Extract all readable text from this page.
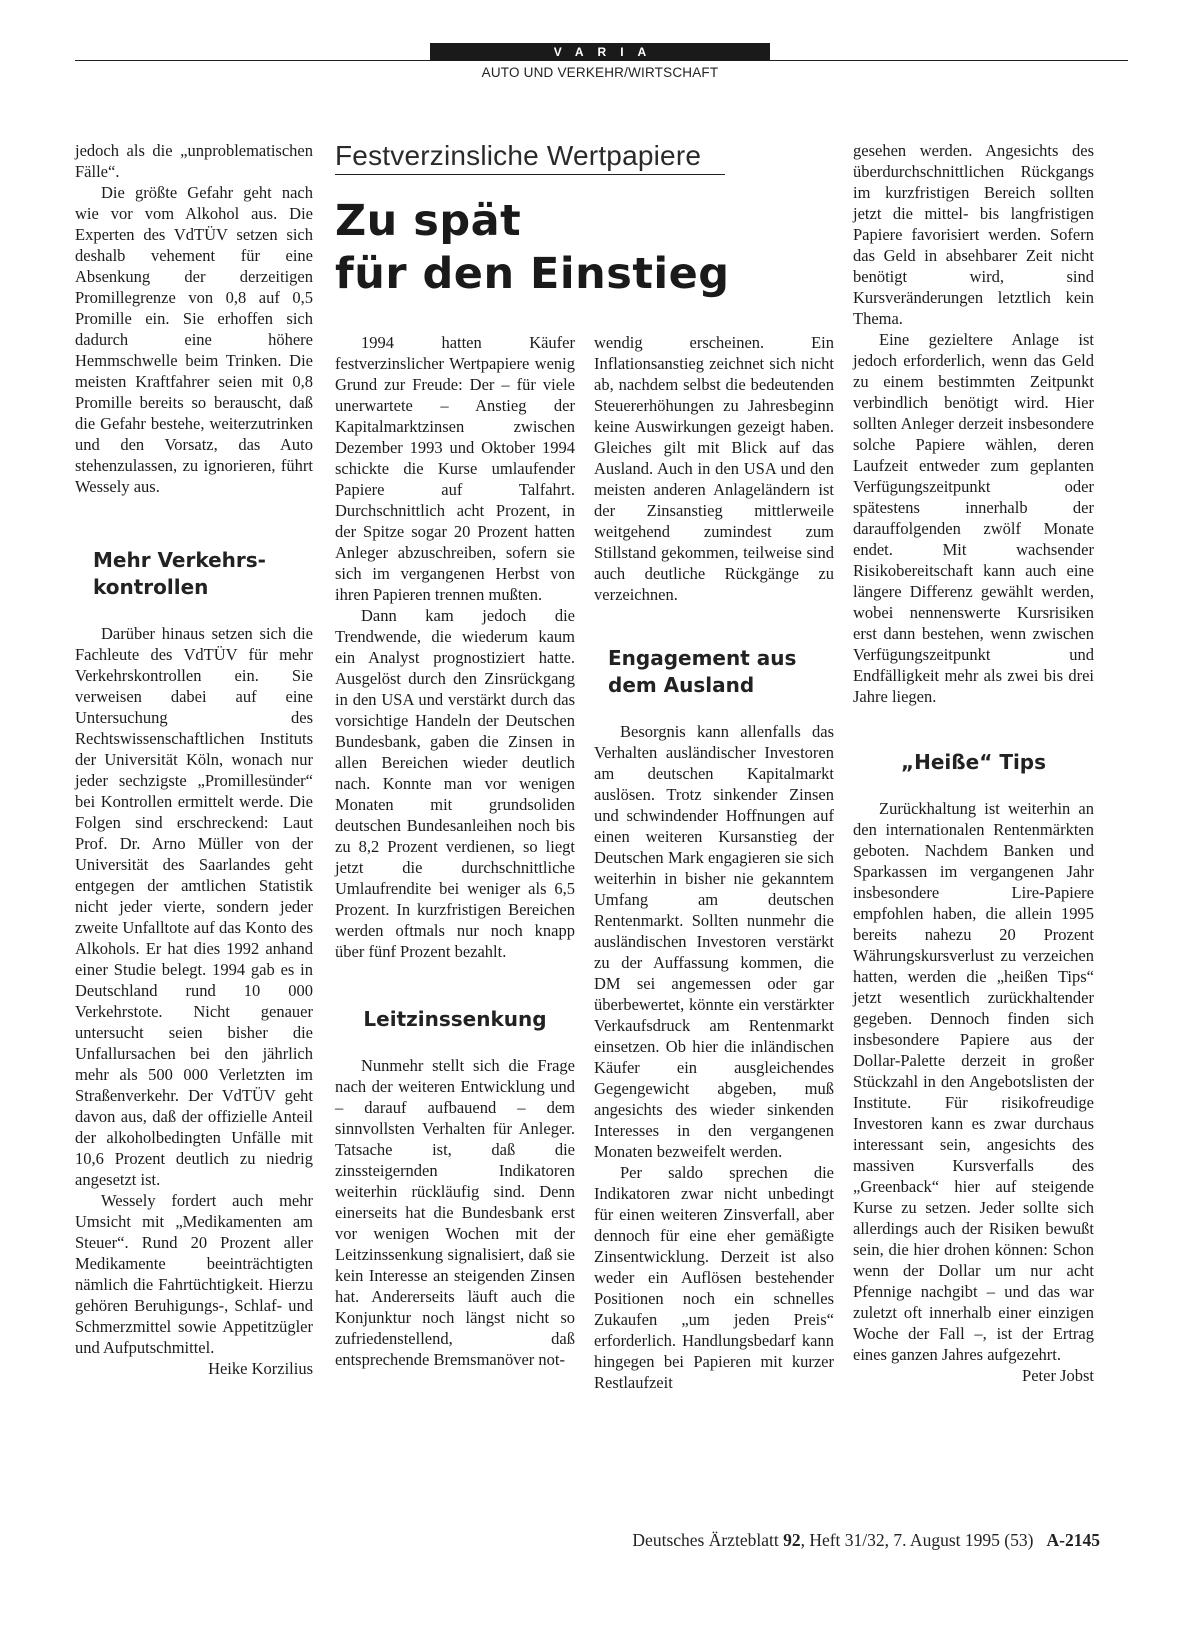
VARIA
AUTO UND VERKEHR/WIRTSCHAFT

jedoch als die „unproblematischen Fälle“.

Die größte Gefahr geht nach wie vor vom Alkohol aus. Die Experten des VdTÜV setzen sich deshalb vehement für eine Absenkung der derzeitigen Promillegrenze von 0,8 auf 0,5 Promille ein. Sie erhoffen sich dadurch eine höhere Hemmschwelle beim Trinken. Die meisten Kraftfahrer seien mit 0,8 Promille bereits so berauscht, daß die Gefahr bestehe, weiterzutrinken und den Vorsatz, das Auto stehenzulassen, zu ignorieren, führt Wessely aus.

Mehr Verkehrs-
kontrollen

Darüber hinaus setzen sich die Fachleute des VdTÜV für mehr Verkehrskontrollen ein. Sie verweisen dabei auf eine Untersuchung des Rechtswissenschaftlichen Instituts der Universität Köln, wonach nur jeder sechzigste „Promillesünder“ bei Kontrollen ermittelt werde. Die Folgen sind erschreckend: Laut Prof. Dr. Arno Müller von der Universität des Saarlandes geht entgegen der amtlichen Statistik nicht jeder vierte, sondern jeder zweite Unfalltote auf das Konto des Alkohols. Er hat dies 1992 anhand einer Studie belegt. 1994 gab es in Deutschland rund 10 000 Verkehrstote. Nicht genauer untersucht seien bisher die Unfallursachen bei den jährlich mehr als 500 000 Verletzten im Straßenverkehr. Der VdTÜV geht davon aus, daß der offizielle Anteil der alkoholbedingten Unfälle mit 10,6 Prozent deutlich zu niedrig angesetzt ist.

Wessely fordert auch mehr Umsicht mit „Medikamenten am Steuer“. Rund 20 Prozent aller Medikamente beeinträchtigten nämlich die Fahrtüchtigkeit. Hierzu gehören Beruhigungs-, Schlaf- und Schmerzmittel sowie Appetitzügler und Aufputschmittel.
Heike Korzilius

Festverzinsliche Wertpapiere
Zu spät
für den Einstieg

1994 hatten Käufer festverzinslicher Wertpapiere wenig Grund zur Freude: Der – für viele unerwartete – Anstieg der Kapitalmarktzinsen zwischen Dezember 1993 und Oktober 1994 schickte die Kurse umlaufender Papiere auf Talfahrt. Durchschnittlich acht Prozent, in der Spitze sogar 20 Prozent hatten Anleger abzuschreiben, sofern sie sich im vergangenen Herbst von ihren Papieren trennen mußten.

Dann kam jedoch die Trendwende, die wiederum kaum ein Analyst prognostiziert hatte. Ausgelöst durch den Zinsrückgang in den USA und verstärkt durch das vorsichtige Handeln der Deutschen Bundesbank, gaben die Zinsen in allen Bereichen wieder deutlich nach. Konnte man vor wenigen Monaten mit grundsoliden deutschen Bundesanleihen noch bis zu 8,2 Prozent verdienen, so liegt jetzt die durchschnittliche Umlaufrendite bei weniger als 6,5 Prozent. In kurzfristigen Bereichen werden oftmals nur noch knapp über fünf Prozent bezahlt.

Leitzinssenkung

Nunmehr stellt sich die Frage nach der weiteren Entwicklung und – darauf aufbauend – dem sinnvollsten Verhalten für Anleger. Tatsache ist, daß die zinssteigernden Indikatoren weiterhin rückläufig sind. Denn einerseits hat die Bundesbank erst vor wenigen Wochen mit der Leitzinssenkung signalisiert, daß sie kein Interesse an steigenden Zinsen hat. Andererseits läuft auch die Konjunktur noch längst nicht so zufriedenstellend, daß entsprechende Bremsmanöver not-

wendig erscheinen. Ein Inflationsanstieg zeichnet sich nicht ab, nachdem selbst die bedeutenden Steuererhöhungen zu Jahresbeginn keine Auswirkungen gezeigt haben. Gleiches gilt mit Blick auf das Ausland. Auch in den USA und den meisten anderen Anlageländern ist der Zinsanstieg mittlerweile weitgehend zumindest zum Stillstand gekommen, teilweise sind auch deutliche Rückgänge zu verzeichnen.

Engagement aus
dem Ausland

Besorgnis kann allenfalls das Verhalten ausländischer Investoren am deutschen Kapitalmarkt auslösen. Trotz sinkender Zinsen und schwindender Hoffnungen auf einen weiteren Kursanstieg der Deutschen Mark engagieren sie sich weiterhin in bisher nie gekanntem Umfang am deutschen Rentenmarkt. Sollten nunmehr die ausländischen Investoren verstärkt zu der Auffassung kommen, die DM sei angemessen oder gar überbewertet, könnte ein verstärkter Verkaufsdruck am Rentenmarkt einsetzen. Ob hier die inländischen Käufer ein ausgleichendes Gegengewicht abgeben, muß angesichts des wieder sinkenden Interesses in den vergangenen Monaten bezweifelt werden.

Per saldo sprechen die Indikatoren zwar nicht unbedingt für einen weiteren Zinsverfall, aber dennoch für eine eher gemäßigte Zinsentwicklung. Derzeit ist also weder ein Auflösen bestehender Positionen noch ein schnelles Zukaufen „um jeden Preis“ erforderlich. Handlungsbedarf kann hingegen bei Papieren mit kurzer Restlaufzeit

gesehen werden. Angesichts des überdurchschnittlichen Rückgangs im kurzfristigen Bereich sollten jetzt die mittel- bis langfristigen Papiere favorisiert werden. Sofern das Geld in absehbarer Zeit nicht benötigt wird, sind Kursveränderungen letztlich kein Thema.

Eine gezieltere Anlage ist jedoch erforderlich, wenn das Geld zu einem bestimmten Zeitpunkt verbindlich benötigt wird. Hier sollten Anleger derzeit insbesondere solche Papiere wählen, deren Laufzeit entweder zum geplanten Verfügungszeitpunkt oder spätestens innerhalb der darauffolgenden zwölf Monate endet. Mit wachsender Risikobereitschaft kann auch eine längere Differenz gewählt werden, wobei nennenswerte Kursrisiken erst dann bestehen, wenn zwischen Verfügungszeitpunkt und Endfälligkeit mehr als zwei bis drei Jahre liegen.

„Heiße“ Tips

Zurückhaltung ist weiterhin an den internationalen Rentenmärkten geboten. Nachdem Banken und Sparkassen im vergangenen Jahr insbesondere Lire-Papiere empfohlen haben, die allein 1995 bereits nahezu 20 Prozent Währungskursverlust zu verzeichen hatten, werden die „heißen Tips“ jetzt wesentlich zurückhaltender gegeben. Dennoch finden sich insbesondere Papiere aus der Dollar-Palette derzeit in großer Stückzahl in den Angebotslisten der Institute. Für risikofreudige Investoren kann es zwar durchaus interessant sein, angesichts des massiven Kursverfalls des „Greenback“ hier auf steigende Kurse zu setzen. Jeder sollte sich allerdings auch der Risiken bewußt sein, die hier drohen können: Schon wenn der Dollar um nur acht Pfennige nachgibt – und das war zuletzt oft innerhalb einer einzigen Woche der Fall –, ist der Ertrag eines ganzen Jahres aufgezehrt.
Peter Jobst

Deutsches Ärzteblatt 92, Heft 31/32, 7. August 1995 (53) A-2145
